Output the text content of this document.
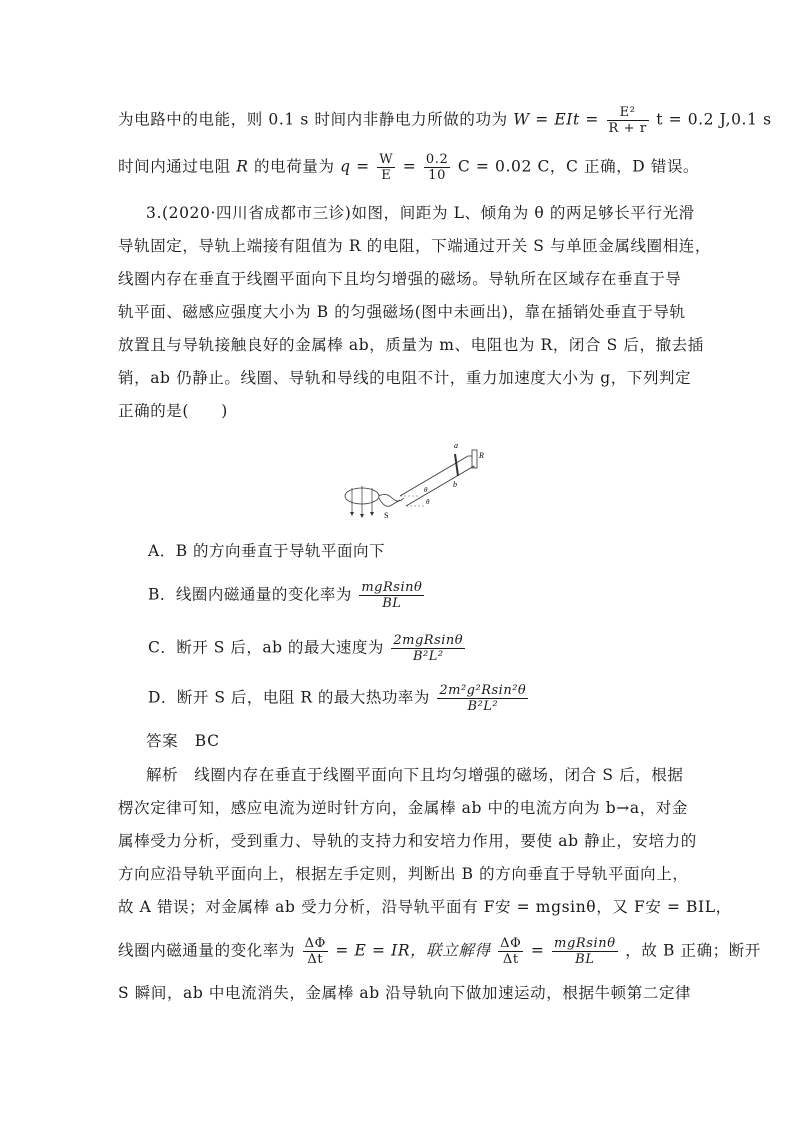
为电路中的电能，则 0.1 s 时间内非静电力所做的功为 W = EIt = $\frac{\text{E²}}{R + r}$ t = 0.2 J,0.1 s
时间内通过电阻 R 的电荷量为 $q = \frac{W}{E} = \frac{0.2}{10}$ C = 0.02 C，C 正确，D 错误。
3.(2020·四川省成都市三诊)如图，间距为 L、倾角为 θ 的两足够长平行光滑
导轨固定，导轨上端接有阻值为 R 的电阻，下端通过开关 S 与单匝金属线圈相连，
线圈内存在垂直于线圈平面向下且均匀增强的磁场。导轨所在区域存在垂直于导
轨平面、磁感应强度大小为 B 的匀强磁场(图中未画出)，靠在插销处垂直于导轨
放置且与导轨接触良好的金属棒 ab，质量为 m、电阻也为 R，闭合 S 后，撤去插
销，ab 仍静止。线圈、导轨和导线的电阻不计，重力加速度大小为 g，下列判定
正确的是(　　)
a
b
R
S
θ
θ
A．B 的方向垂直于导轨平面向下
B．线圈内磁通量的变化率为 $\frac{\text{mgRsinθ}}{BL}$
C．断开 S 后，ab 的最大速度为 $\frac{\text{2mgRsinθ}}{\text{B²L²}}$
D．断开 S 后，电阻 R 的最大热功率为 $\frac{\text{2m²g²Rsin²θ}}{\text{B²L²}}$
答案 BC
解析　线圈内存在垂直于线圈平面向下且均匀增强的磁场，闭合 S 后，根据
楞次定律可知，感应电流为逆时针方向，金属棒 ab 中的电流方向为 b→a，对金
属棒受力分析，受到重力、导轨的支持力和安培力作用，要使 ab 静止，安培力的
方向应沿导轨平面向上，根据左手定则，判断出 B 的方向垂直于导轨平面向上，
故 A 错误；对金属棒 ab 受力分析，沿导轨平面有 F安 = mgsinθ，又 F安 = BIL，
线圈内磁通量的变化率为 $\frac{\Delta\Phi}{\Delta t} = E$ = IR，联立解得 $\frac{\Delta\Phi}{\Delta t} = \frac{\text{mgRsinθ}}{BL}$ ，故 B 正确；断开
S 瞬间，ab 中电流消失，金属棒 ab 沿导轨向下做加速运动，根据牛顿第二定律
